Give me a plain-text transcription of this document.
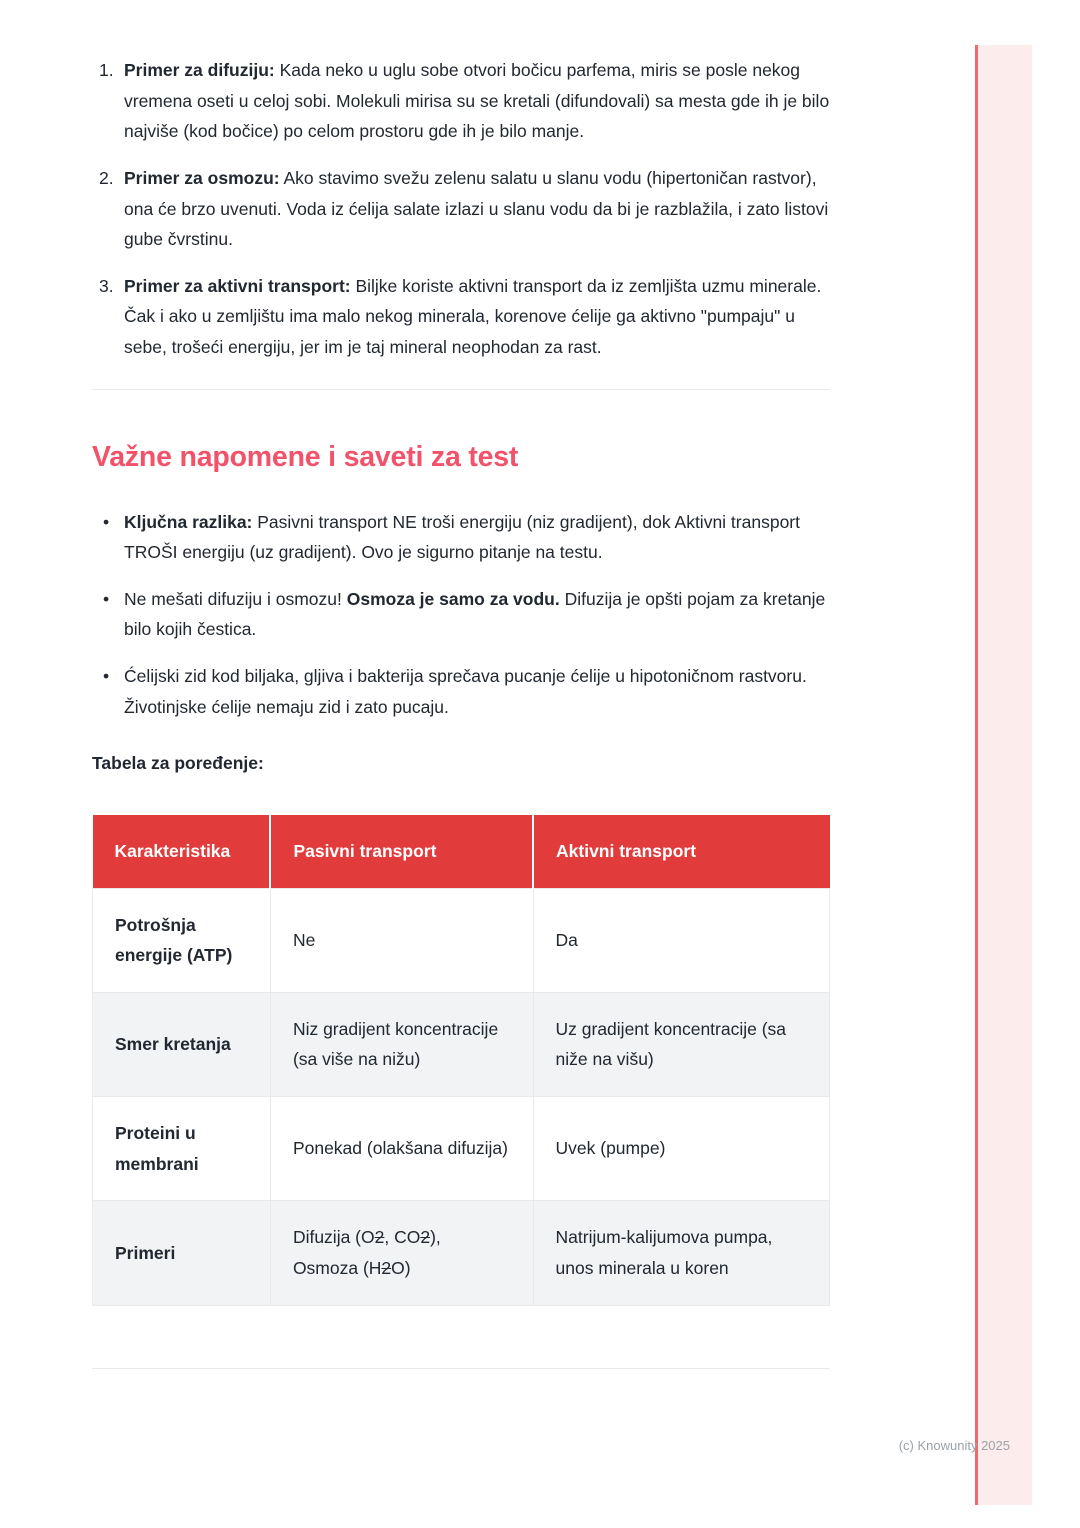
1. Primer za difuziju: Kada neko u uglu sobe otvori bočicu parfema, miris se posle nekog vremena oseti u celoj sobi. Molekuli mirisa su se kretali (difundovali) sa mesta gde ih je bilo najviše (kod bočice) po celom prostoru gde ih je bilo manje.
2. Primer za osmozu: Ako stavimo svežu zelenu salatu u slanu vodu (hipertoničan rastvor), ona će brzo uvenuti. Voda iz ćelija salate izlazi u slanu vodu da bi je razblažila, i zato listovi gube čvrstinu.
3. Primer za aktivni transport: Biljke koriste aktivni transport da iz zemljišta uzmu minerale. Čak i ako u zemljištu ima malo nekog minerala, korenove ćelije ga aktivno "pumpaju" u sebe, trošeći energiju, jer im je taj mineral neophodan za rast.
Važne napomene i saveti za test
• Ključna razlika: Pasivni transport NE troši energiju (niz gradijent), dok Aktivni transport TROŠI energiju (uz gradijent). Ovo je sigurno pitanje na testu.
• Ne mešati difuziju i osmozu! Osmoza je samo za vodu. Difuzija je opšti pojam za kretanje bilo kojih čestica.
• Ćelijski zid kod biljaka, gljiva i bakterija sprečava pucanje ćelije u hipotoničnom rastvoru. Životinjske ćelije nemaju zid i zato pucaju.

Tabela za poređenje:

Karakteristika	Pasivni transport	Aktivni transport
Potrošnja energije (ATP)	Ne	Da
Smer kretanja	Niz gradijent koncentracije (sa više na nižu)	Uz gradijent koncentracije (sa niže na višu)
Proteini u membrani	Ponekad (olakšana difuzija)	Uvek (pumpe)
Primeri	Difuzija (O2, CO2), Osmoza (H2O)	Natrijum-kalijumova pumpa, unos minerala u koren
(c) Knowunity 2025
